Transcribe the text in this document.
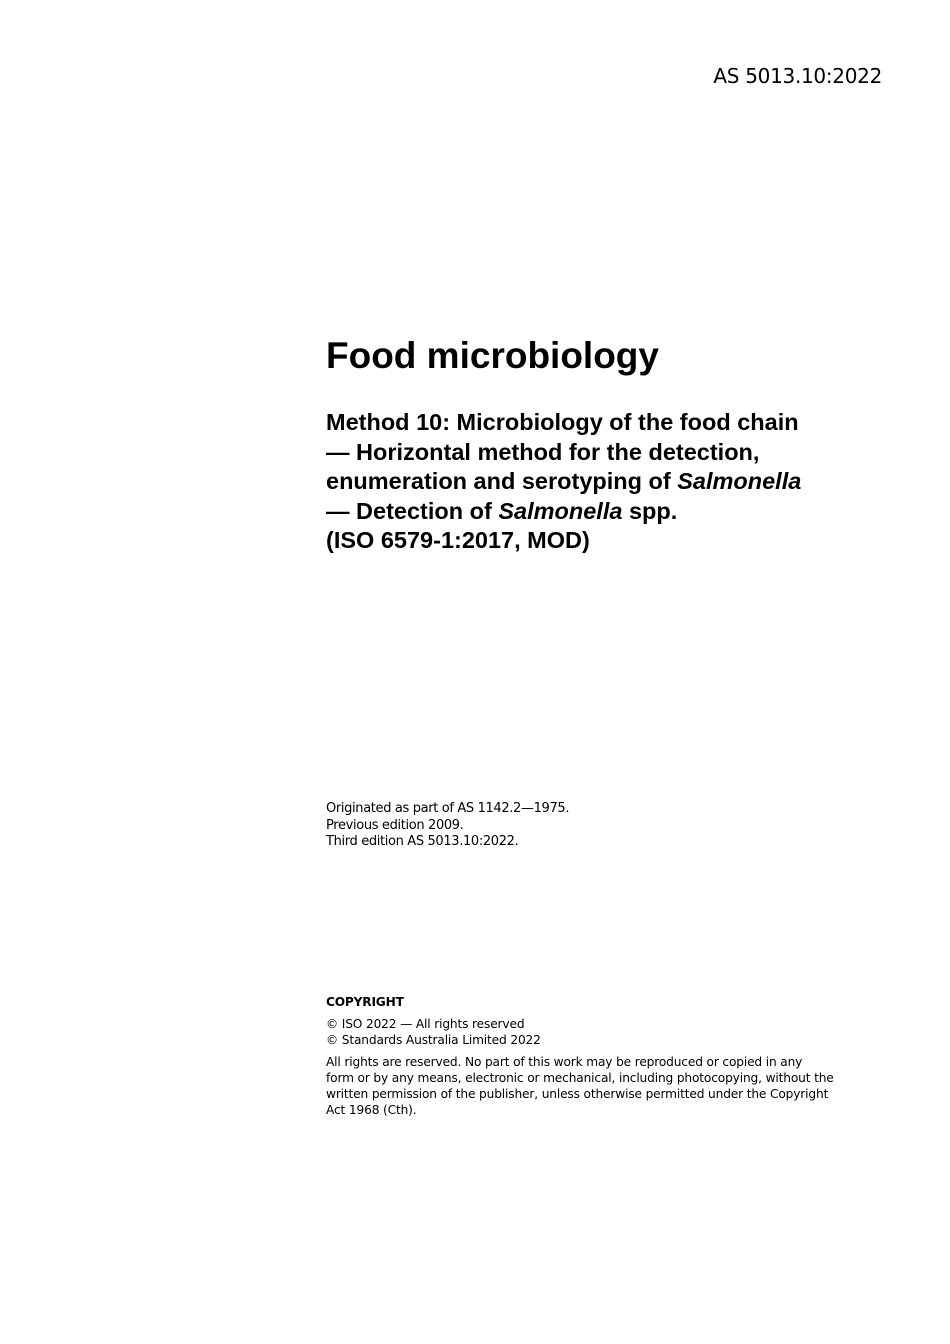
AS 5013.10:2022
Food microbiology
Method 10: Microbiology of the food chain
— Horizontal method for the detection,
enumeration and serotyping of Salmonella
— Detection of Salmonella spp.
(ISO 6579-1:2017, MOD)
Originated as part of AS 1142.2—1975.
Previous edition 2009.
Third edition AS 5013.10:2022.
COPYRIGHT
© ISO 2022 — All rights reserved
© Standards Australia Limited 2022
All rights are reserved. No part of this work may be reproduced or copied in any
form or by any means, electronic or mechanical, including photocopying, without the
written permission of the publisher, unless otherwise permitted under the Copyright
Act 1968 (Cth).
